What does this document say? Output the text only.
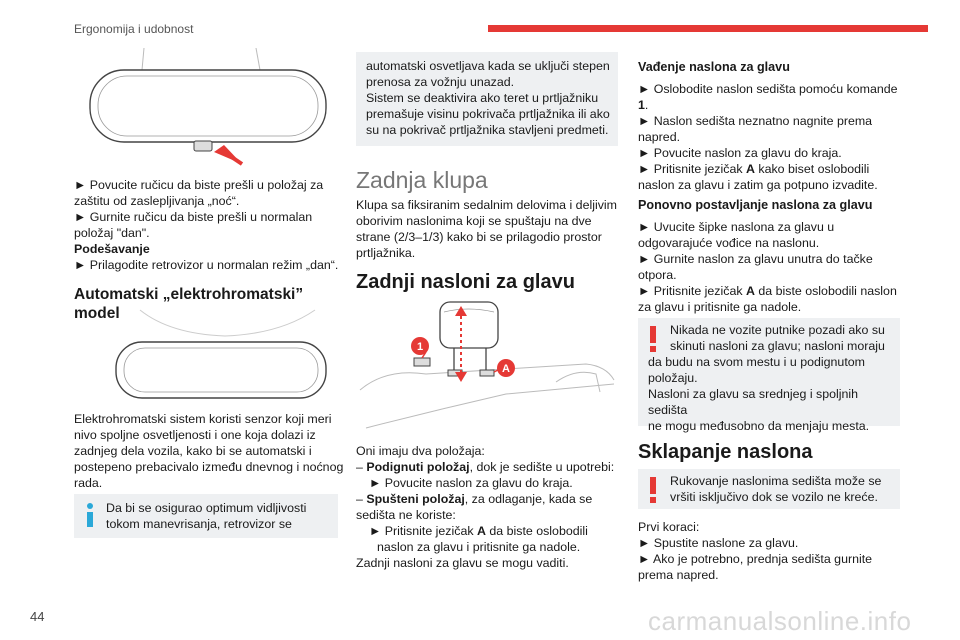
Ergonomija i udobnost
► Povucite ručicu da biste prešli u položaj za
zaštitu od zaslepljivanja „noć“.
► Gurnite ručicu da biste prešli u normalan
položaj "dan".
Podešavanje
► Prilagodite retrovizor u normalan režim „dan“.
Automatski „elektrohromatski” model
Elektrohromatski sistem koristi senzor koji meri
nivo spoljne osvetljenosti i one koja dolazi iz
zadnjeg dela vozila, kako bi se automatski i
postepeno prebacivalo između dnevnog i noćnog
rada.
Da bi se osigurao optimum vidljivosti
tokom manevrisanja, retrovizor se
automatski osvetljava kada se uključi stepen
prenosa za vožnju unazad.
Sistem se deaktivira ako teret u prtljažniku
premašuje visinu pokrivača prtljažnika ili ako
su na pokrivač prtljažnika stavljeni predmeti.
Zadnja klupa
Klupa sa fiksiranim sedalnim delovima i deljivim
oborivim naslonima koji se spuštaju na dve
strane (2/3–1/3) kako bi se prilagodio prostor
prtljažnika.
Zadnji nasloni za glavu
1
A
Oni imaju dva položaja:
– Podignuti položaj, dok je sedište u upotrebi:
► Povucite naslon za glavu do kraja.
– Spušteni položaj, za odlaganje, kada se
sedišta ne koriste:
► Pritisnite jezičak A da biste oslobodili
naslon za glavu i pritisnite ga nadole.
Zadnji nasloni za glavu se mogu vaditi.
Vađenje naslona za glavu
► Oslobodite naslon sedišta pomoću komande
1.
► Naslon sedišta neznatno nagnite prema
napred.
► Povucite naslon za glavu do kraja.
► Pritisnite jezičak A kako biset oslobodili
naslon za glavu i zatim ga potpuno izvadite.
Ponovno postavljanje naslona za glavu
► Uvucite šipke naslona za glavu u
odgovarajuće vođice na naslonu.
► Gurnite naslon za glavu unutra do tačke
otpora.
► Pritisnite jezičak A da biste oslobodili naslon
za glavu i pritisnite ga nadole.
Nikada ne vozite putnike pozadi ako su
skinuti nasloni za glavu; nasloni moraju
da budu na svom mestu i u podignutom
položaju.
Nasloni za glavu sa srednjeg i spoljnih sedišta
ne mogu međusobno da menjaju mesta.
Sklapanje naslona
Rukovanje naslonima sedišta može se
vršiti isključivo dok se vozilo ne kreće.
Prvi koraci:
► Spustite naslone za glavu.
► Ako je potrebno, prednja sedišta gurnite
prema napred.
44	carmanualsonline.info
